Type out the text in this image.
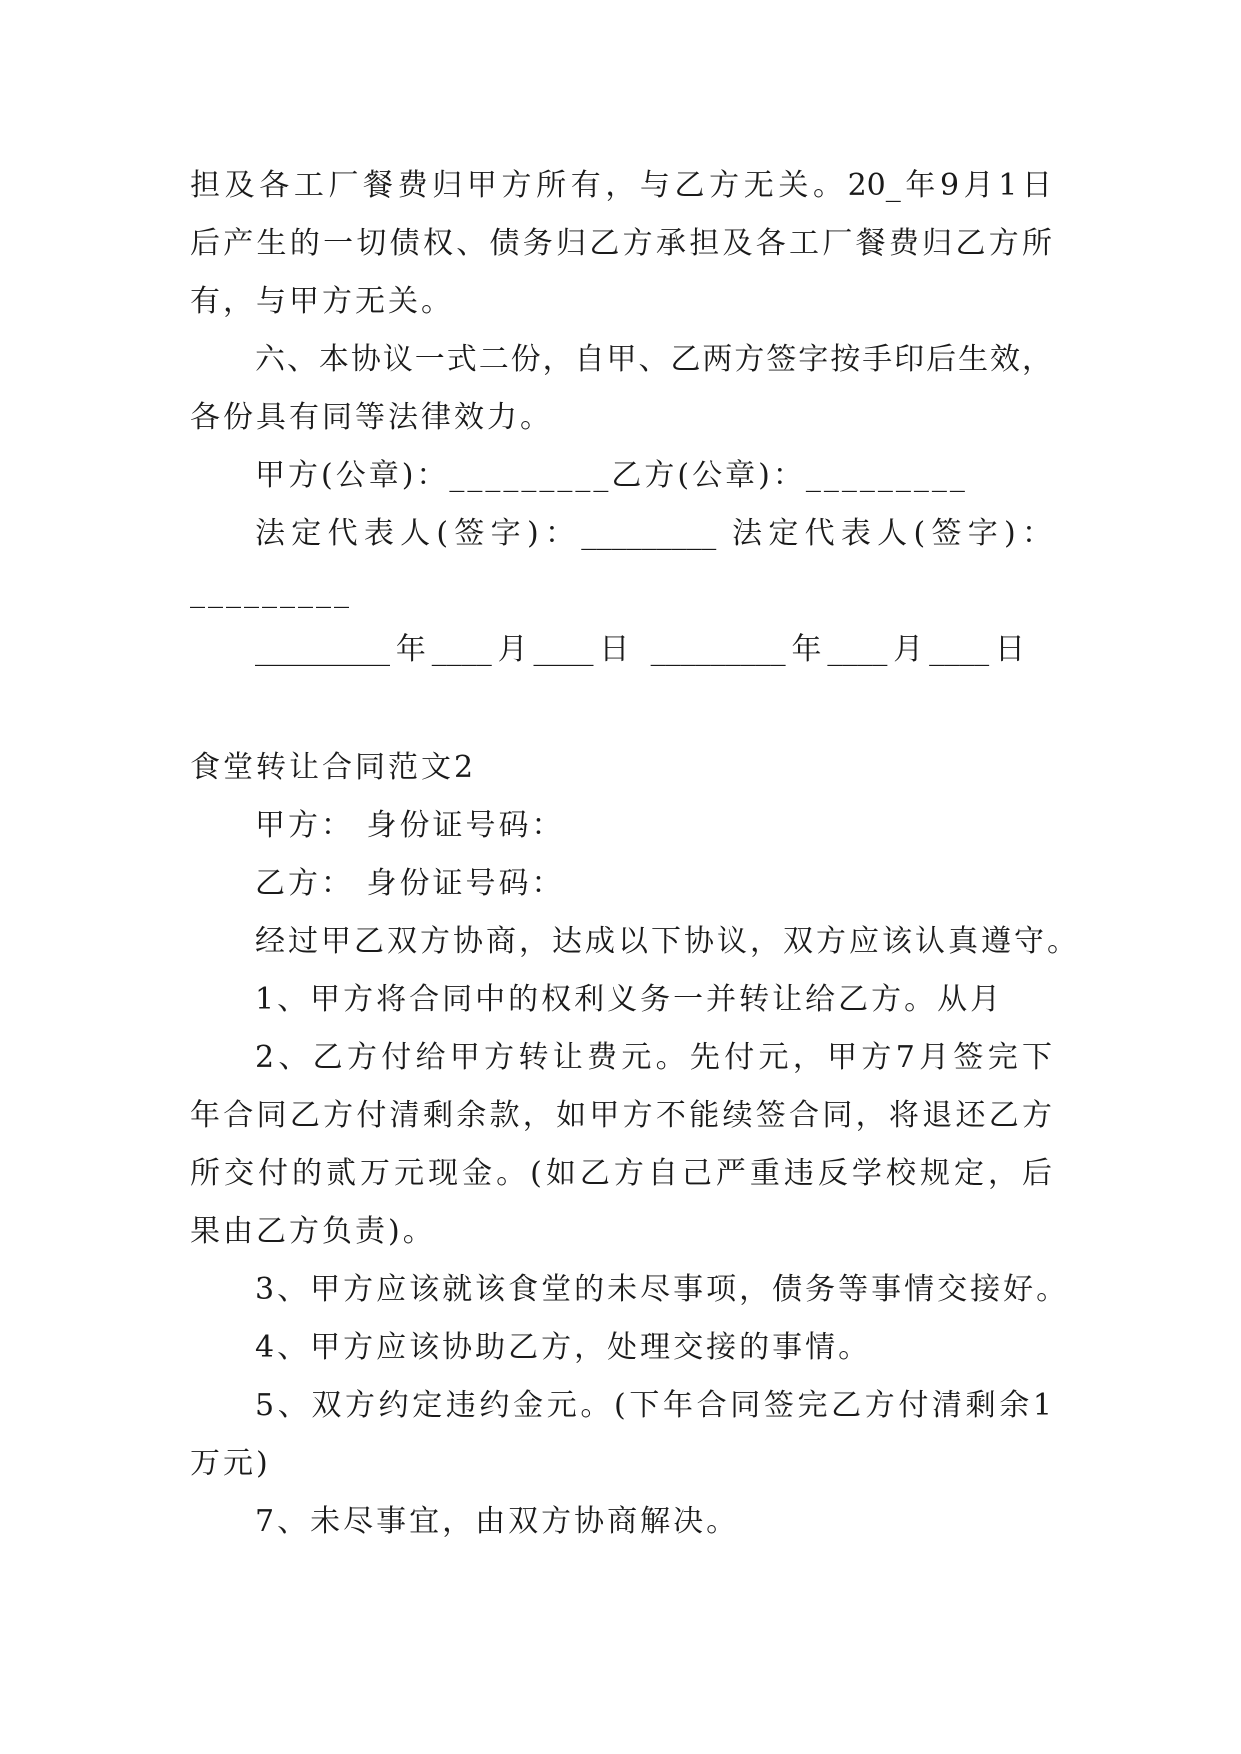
担及各工厂餐费归甲方所有，与乙方无关。20_年9月1日
后产生的一切债权、债务归乙方承担及各工厂餐费归乙方所
有，与甲方无关。
六、本协议一式二份，自甲、乙两方签字按手印后生效，
各份具有同等法律效力。
甲方(公章)：_________乙方(公章)：_________
法定代表人(签字)：_________ 法定代表人(签字)：
_________
_________年____月____日 _________年____月____日
食堂转让合同范文2
甲方： 身份证号码：
乙方： 身份证号码：
经过甲乙双方协商，达成以下协议，双方应该认真遵守。
1、甲方将合同中的权利义务一并转让给乙方。从月
2、乙方付给甲方转让费元。先付元，甲方7月签完下
年合同乙方付清剩余款，如甲方不能续签合同，将退还乙方
所交付的贰万元现金。(如乙方自己严重违反学校规定，后
果由乙方负责)。
3、甲方应该就该食堂的未尽事项，债务等事情交接好。
4、甲方应该协助乙方，处理交接的事情。
5、双方约定违约金元。(下年合同签完乙方付清剩余1
万元)
7、未尽事宜，由双方协商解决。
